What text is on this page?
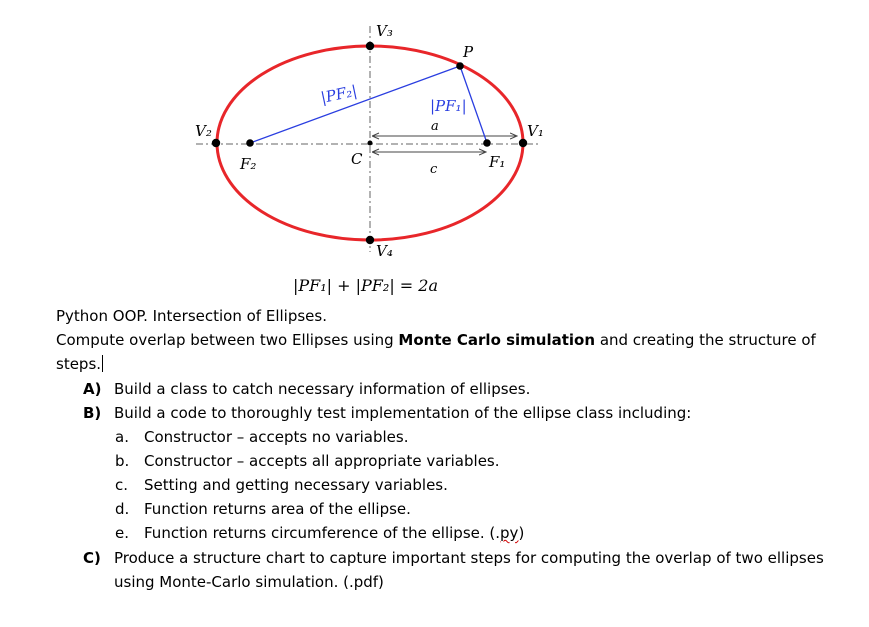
V₃
P
|PF₂|	|PF₁|
a	V₁
V₂
C
c	F₁
F₂
V₄
|PF₁| + |PF₂| = 2a
Python OOP. Intersection of Ellipses.
Compute overlap between two Ellipses using Monte Carlo simulation and creating the structure of
steps.
A) Build a class to catch necessary information of ellipses.
B) Build a code to thoroughly test implementation of the ellipse class including:
a. Constructor – accepts no variables.
b. Constructor – accepts all appropriate variables.
c. Setting and getting necessary variables.
d. Function returns area of the ellipse.
e. Function returns circumference of the ellipse. (.py)
C) Produce a structure chart to capture important steps for computing the overlap of two ellipses
using Monte-Carlo simulation. (.pdf)
